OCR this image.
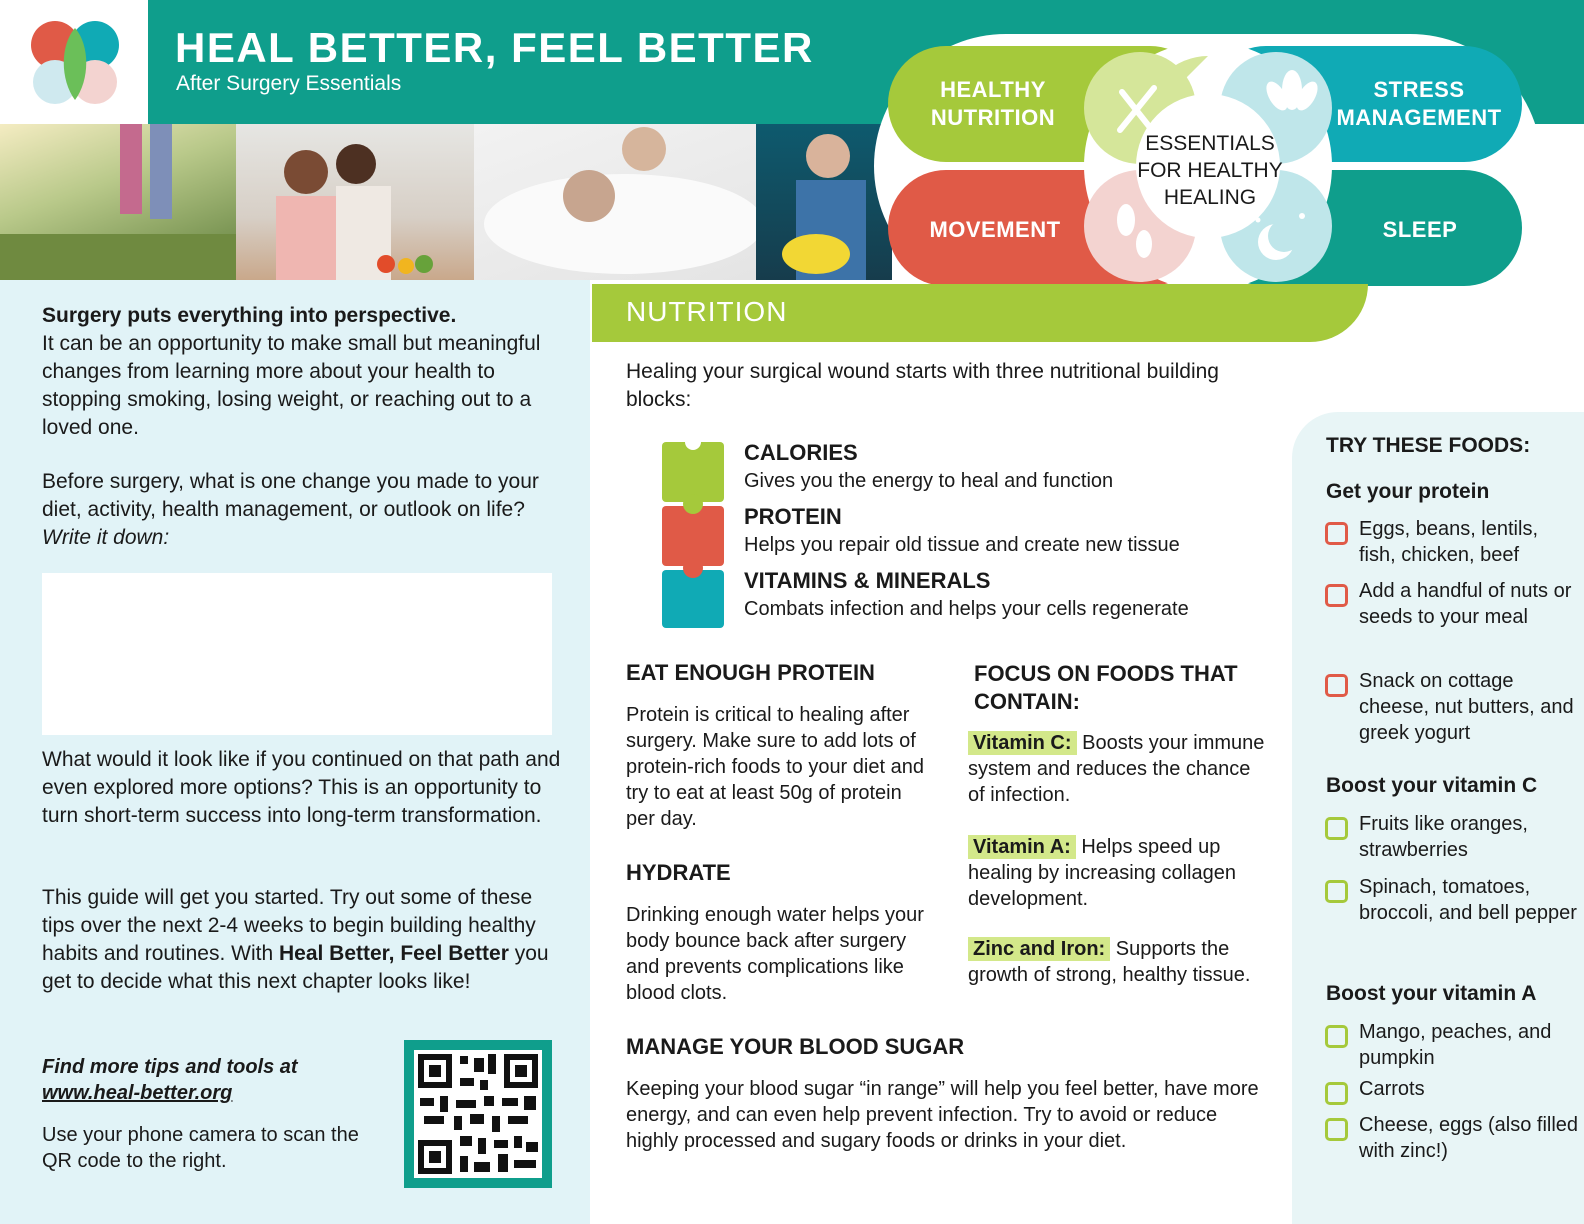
HEAL BETTER, FEEL BETTER
After Surgery Essentials	HEALTHY
NUTRITION
STRESS
MANAGEMENT
MOVEMENT	SLEEP
ESSENTIALS
FOR HEALTHY
HEALING
Surgery puts everything into perspective.
It can be an opportunity to make small but meaningful changes from learning more about your health to stopping smoking, losing weight, or reaching out to a loved one.
Before surgery, what is one change you made to your diet, activity, health management, or outlook on life? Write it down:
What would it look like if you continued on that path and even explored more options? This is an opportunity to turn short-term success into long-term transformation.
This guide will get you started. Try out some of these tips over the next 2-4 weeks to begin building healthy habits and routines. With Heal Better, Feel Better you get to decide what this next chapter looks like!
Find more tips and tools at
www.heal-better.org
Use your phone camera to scan the QR code to the right.
NUTRITION
Healing your surgical wound starts with three nutritional building blocks:
CALORIES
Gives you the energy to heal and function
PROTEIN
Helps you repair old tissue and create new tissue
VITAMINS & MINERALS
Combats infection and helps your cells regenerate
EAT ENOUGH PROTEIN
Protein is critical to healing after surgery. Make sure to add lots of protein-rich foods to your diet and try to eat at least 50g of protein per day.
HYDRATE
Drinking enough water helps your body bounce back after surgery and prevents complications like blood clots.
FOCUS ON FOODS THAT CONTAIN:
Vitamin C: Boosts your immune system and reduces the chance of infection.
Vitamin A: Helps speed up healing by increasing collagen development.
Zinc and Iron: Supports the growth of strong, healthy tissue.
MANAGE YOUR BLOOD SUGAR
Keeping your blood sugar “in range” will help you feel better, have more energy, and can even help prevent infection. Try to avoid or reduce highly processed and sugary foods or drinks in your diet.
TRY THESE FOODS:
Get your protein
Eggs, beans, lentils, fish, chicken, beef
Add a handful of nuts or seeds to your meal
Snack on cottage cheese, nut butters, and greek yogurt
Boost your vitamin C
Fruits like oranges, strawberries
Spinach, tomatoes, broccoli, and bell pepper
Boost your vitamin A
Mango, peaches, and pumpkin
Carrots
Cheese, eggs (also filled with zinc!)
